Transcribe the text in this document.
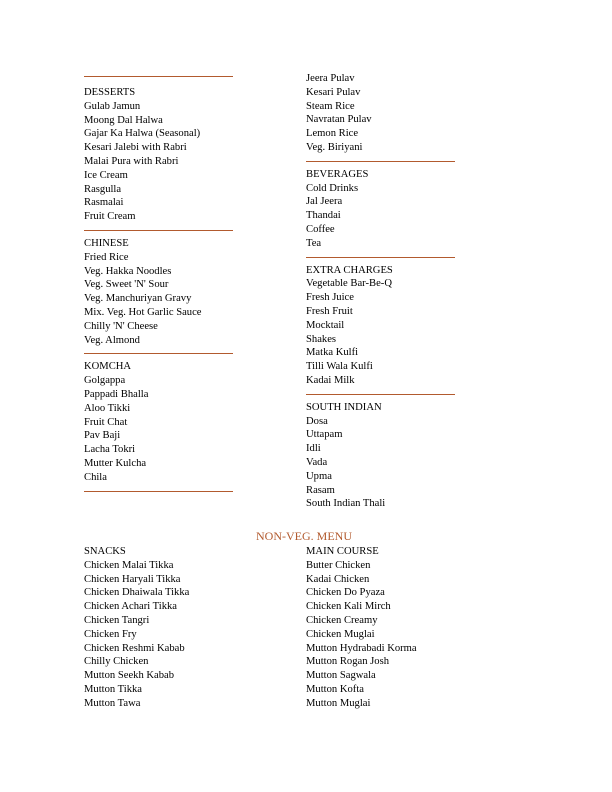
DESSERTS
Gulab Jamun
Moong Dal Halwa
Gajar Ka Halwa (Seasonal)
Kesari Jalebi with Rabri
Malai Pura with Rabri
Ice Cream
Rasgulla
Rasmalai
Fruit Cream
CHINESE
Fried Rice
Veg. Hakka Noodles
Veg. Sweet 'N' Sour
Veg. Manchuriyan Gravy
Mix. Veg. Hot Garlic Sauce
Chilly 'N' Cheese
Veg. Almond
KOMCHA
Golgappa
Pappadi Bhalla
Aloo Tikki
Fruit Chat
Pav Baji
Lacha Tokri
Mutter Kulcha
Chila
Jeera Pulav
Kesari Pulav
Steam Rice
Navratan Pulav
Lemon Rice
Veg. Biriyani
BEVERAGES
Cold Drinks
Jal Jeera
Thandai
Coffee
Tea
EXTRA CHARGES
Vegetable Bar-Be-Q
Fresh Juice
Fresh Fruit
Mocktail
Shakes
Matka Kulfi
Tilli Wala Kulfi
Kadai Milk
SOUTH INDIAN
Dosa
Uttapam
Idli
Vada
Upma
Rasam
South Indian Thali
NON-VEG. MENU
SNACKS
Chicken Malai Tikka
Chicken Haryali Tikka
Chicken Dhaiwala Tikka
Chicken Achari Tikka
Chicken Tangri
Chicken Fry
Chicken Reshmi Kabab
Chilly Chicken
Mutton Seekh Kabab
Mutton Tikka
Mutton Tawa
MAIN COURSE
Butter Chicken
Kadai Chicken
Chicken Do Pyaza
Chicken Kali Mirch
Chicken Creamy
Chicken Muglai
Mutton Hydrabadi Korma
Mutton Rogan Josh
Mutton Sagwala
Mutton Kofta
Mutton Muglai
